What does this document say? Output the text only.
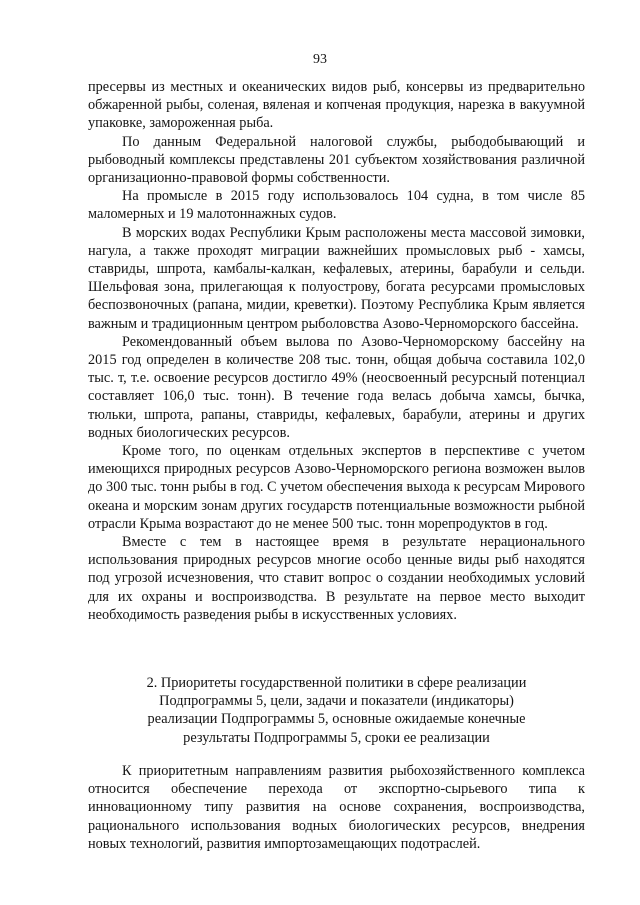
93

пресервы из местных и океанических видов рыб, консервы из предварительно обжаренной рыбы, соленая, вяленая и копченая продукция, нарезка в вакуумной упаковке, замороженная рыба.

По данным Федеральной налоговой службы, рыбодобывающий и рыбоводный комплексы представлены 201 субъектом хозяйствования различной организационно-правовой формы собственности.

На промысле в 2015 году использовалось 104 судна, в том числе 85 маломерных и 19 малотоннажных судов.

В морских водах Республики Крым расположены места массовой зимовки, нагула, а также проходят миграции важнейших промысловых рыб - хамсы, ставриды, шпрота, камбалы-калкан, кефалевых, атерины, барабули и сельди. Шельфовая зона, прилегающая к полуострову, богата ресурсами промысловых беспозвоночных (рапана, мидии, креветки). Поэтому Республика Крым является важным и традиционным центром рыболовства Азово-Черноморского бассейна.

Рекомендованный объем вылова по Азово-Черноморскому бассейну на 2015 год определен в количестве 208 тыс. тонн, общая добыча составила 102,0 тыс. т, т.е. освоение ресурсов достигло 49% (неосвоенный ресурсный потенциал составляет 106,0 тыс. тонн). В течение года велась добыча хамсы, бычка, тюльки, шпрота, рапаны, ставриды, кефалевых, барабули, атерины и других водных биологических ресурсов.

Кроме того, по оценкам отдельных экспертов в перспективе с учетом имеющихся природных ресурсов Азово-Черноморского региона возможен вылов до 300 тыс. тонн рыбы в год. С учетом обеспечения выхода к ресурсам Мирового океана и морским зонам других государств потенциальные возможности рыбной отрасли Крыма возрастают до не менее 500 тыс. тонн морепродуктов в год.

Вместе с тем в настоящее время в результате нерационального использования природных ресурсов многие особо ценные виды рыб находятся под угрозой исчезновения, что ставит вопрос о создании необходимых условий для их охраны и воспроизводства. В результате на первое место выходит необходимость разведения рыбы в искусственных условиях.

2. Приоритеты государственной политики в сфере реализации
Подпрограммы 5, цели, задачи и показатели (индикаторы)
реализации Подпрограммы 5, основные ожидаемые конечные
результаты Подпрограммы 5, сроки ее реализации

К приоритетным направлениям развития рыбохозяйственного комплекса относится обеспечение перехода от экспортно-сырьевого типа к инновационному типу развития на основе сохранения, воспроизводства, рационального использования водных биологических ресурсов, внедрения новых технологий, развития импортозамещающих подотраслей.
